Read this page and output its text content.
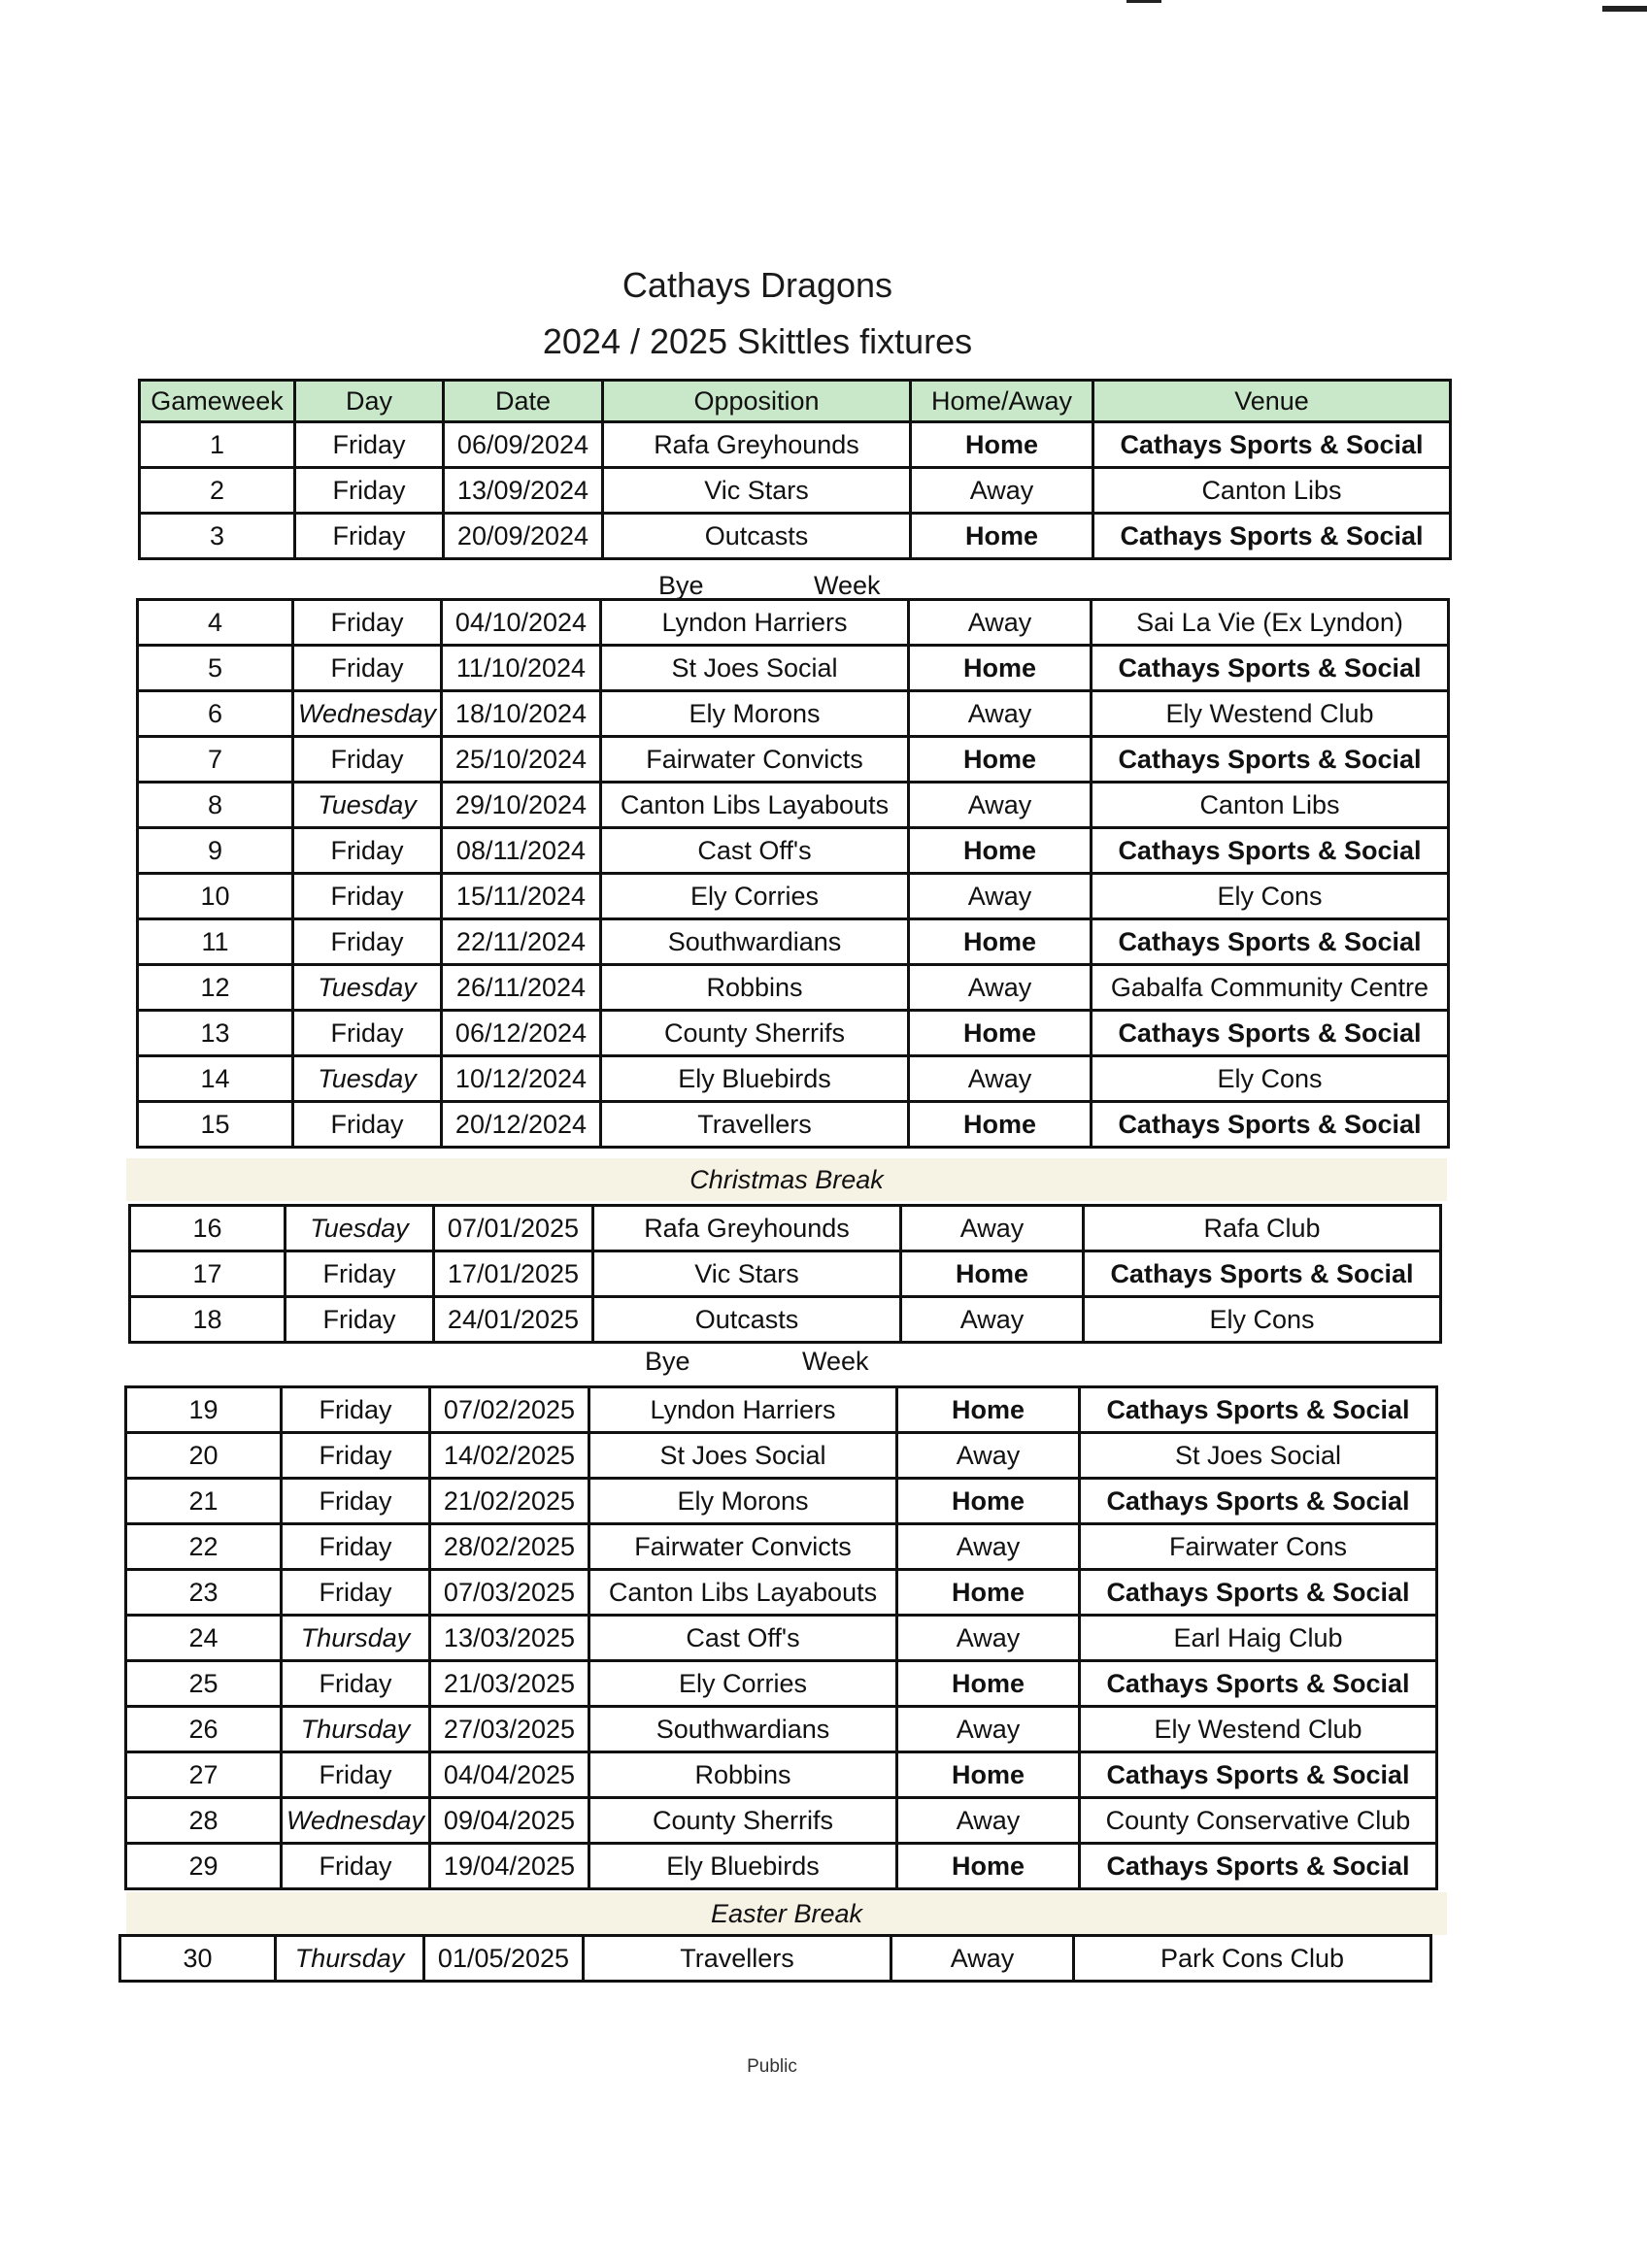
Cathays Dragons
2024 / 2025 Skittles fixtures
Gameweek	Day	Date	Opposition	Home/Away	Venue
1	Friday	06/09/2024	Rafa Greyhounds	Home	Cathays Sports & Social
2	Friday	13/09/2024	Vic Stars	Away	Canton Libs
3	Friday	20/09/2024	Outcasts	Home	Cathays Sports & Social
Bye	Week
4	Friday	04/10/2024	Lyndon Harriers	Away	Sai La Vie (Ex Lyndon)
5	Friday	11/10/2024	St Joes Social	Home	Cathays Sports & Social
6	Wednesday	18/10/2024	Ely Morons	Away	Ely Westend Club
7	Friday	25/10/2024	Fairwater Convicts	Home	Cathays Sports & Social
8	Tuesday	29/10/2024	Canton Libs Layabouts	Away	Canton Libs
9	Friday	08/11/2024	Cast Off's	Home	Cathays Sports & Social
10	Friday	15/11/2024	Ely Corries	Away	Ely Cons
11	Friday	22/11/2024	Southwardians	Home	Cathays Sports & Social
12	Tuesday	26/11/2024	Robbins	Away	Gabalfa Community Centre
13	Friday	06/12/2024	County Sherrifs	Home	Cathays Sports & Social
14	Tuesday	10/12/2024	Ely Bluebirds	Away	Ely Cons
15	Friday	20/12/2024	Travellers	Home	Cathays Sports & Social
Christmas Break
16	Tuesday	07/01/2025	Rafa Greyhounds	Away	Rafa Club
17	Friday	17/01/2025	Vic Stars	Home	Cathays Sports & Social
18	Friday	24/01/2025	Outcasts	Away	Ely Cons
Bye	Week
19	Friday	07/02/2025	Lyndon Harriers	Home	Cathays Sports & Social
20	Friday	14/02/2025	St Joes Social	Away	St Joes Social
21	Friday	21/02/2025	Ely Morons	Home	Cathays Sports & Social
22	Friday	28/02/2025	Fairwater Convicts	Away	Fairwater Cons
23	Friday	07/03/2025	Canton Libs Layabouts	Home	Cathays Sports & Social
24	Thursday	13/03/2025	Cast Off's	Away	Earl Haig Club
25	Friday	21/03/2025	Ely Corries	Home	Cathays Sports & Social
26	Thursday	27/03/2025	Southwardians	Away	Ely Westend Club
27	Friday	04/04/2025	Robbins	Home	Cathays Sports & Social
28	Wednesday	09/04/2025	County Sherrifs	Away	County Conservative Club
29	Friday	19/04/2025	Ely Bluebirds	Home	Cathays Sports & Social
Easter Break
30	Thursday	01/05/2025	Travellers	Away	Park Cons Club
Public
